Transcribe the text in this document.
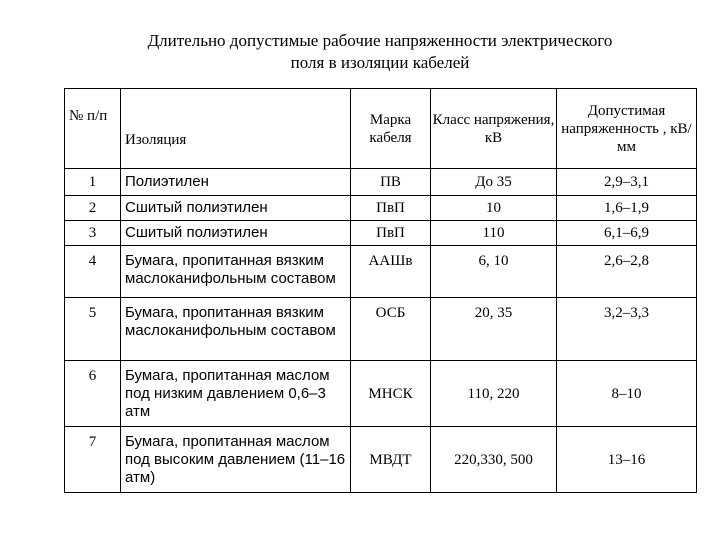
Длительно допустимые рабочие напряженности электрического
поля в изоляции кабелей
№ п/п	Изоляция	Марка кабеля	Класс напряжения, кВ	Допустимая напряженность , кВ/мм
1	Полиэтилен	ПВ	До 35	2,9–3,1
2	Сшитый полиэтилен	ПвП	10	1,6–1,9
3	Сшитый полиэтилен	ПвП	110	6,1–6,9
4	Бумага, пропитанная вязким маслоканифольным составом	ААШв	6, 10	2,6–2,8
5	Бумага, пропитанная вязким маслоканифольным составом	ОСБ	20, 35	3,2–3,3
6	Бумага, пропитанная маслом под низким давлением 0,6–3 атм	МНСК	110, 220	8–10
7	Бумага, пропитанная маслом под высоким давлением (11–16 атм)	МВДТ	220,330, 500	13–16
